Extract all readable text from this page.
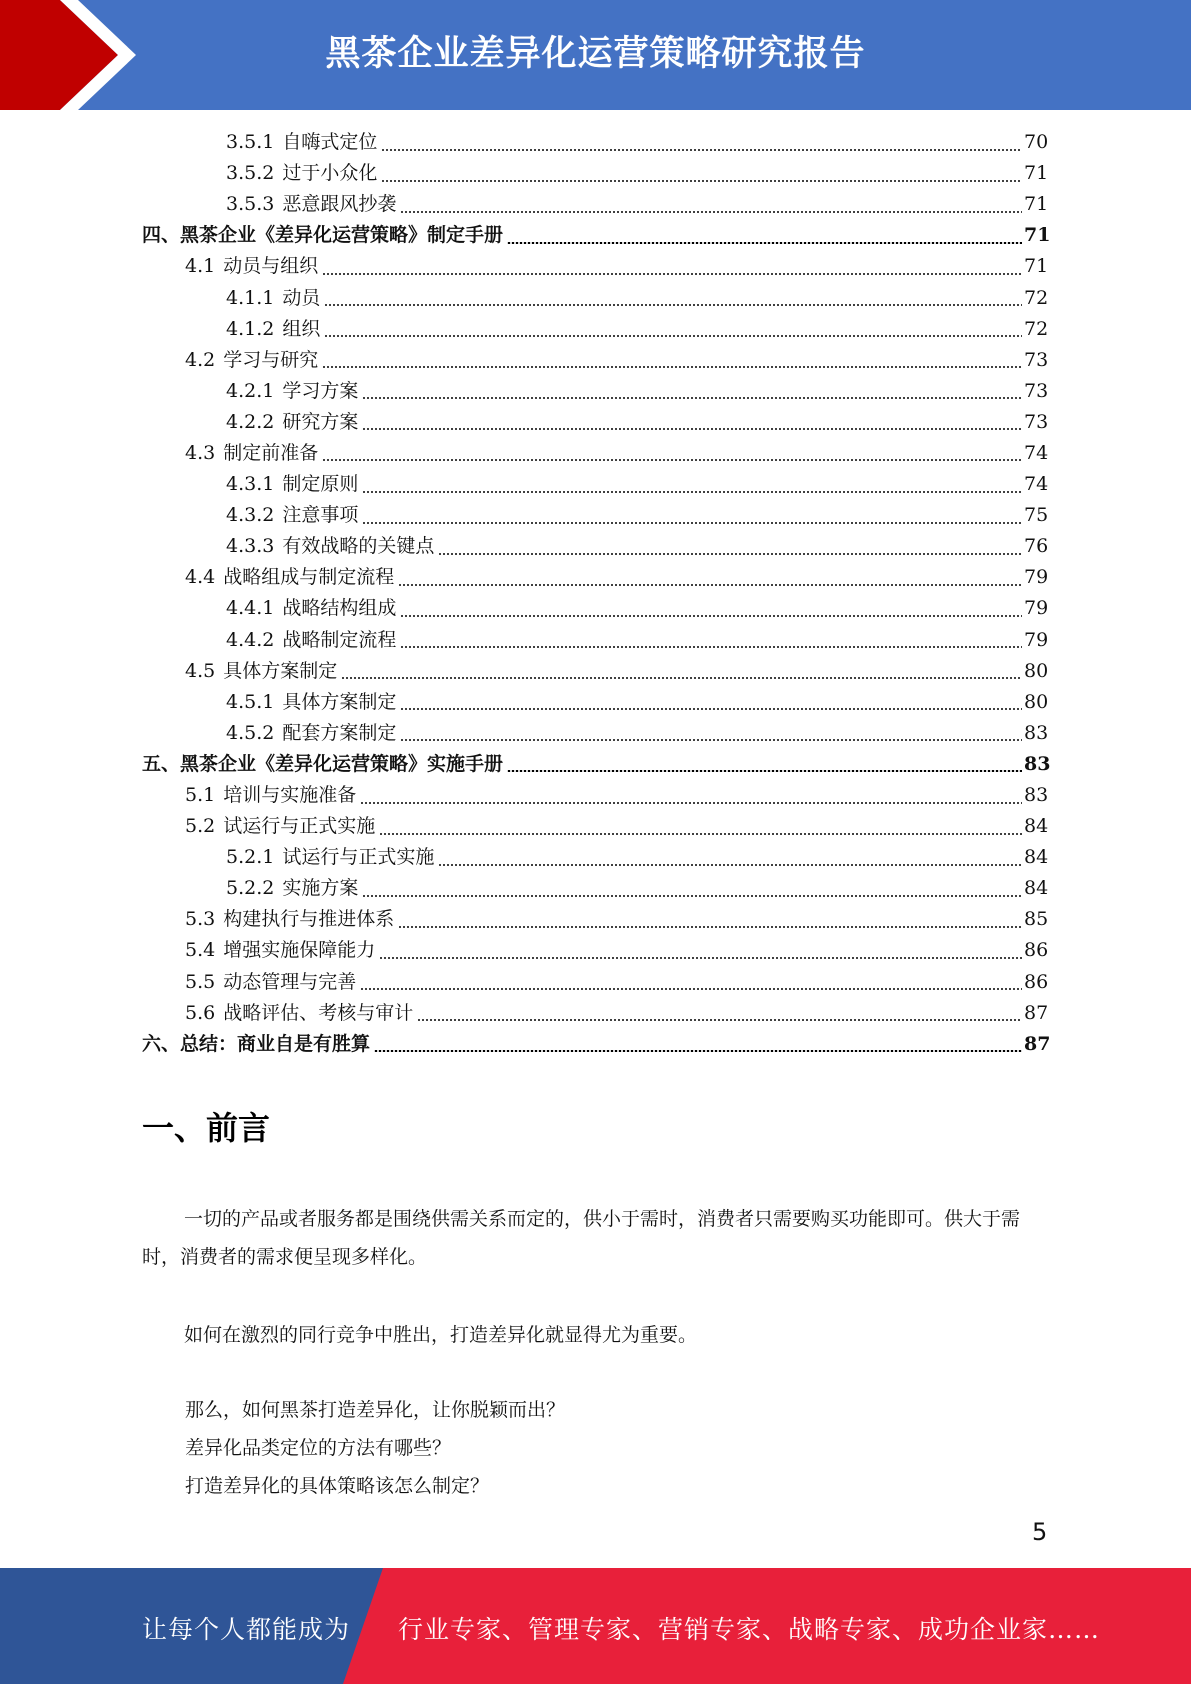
黑茶企业差异化运营策略研究报告
3.5.1 自嗨式定位	70
3.5.2 过于小众化	71
3.5.3 恶意跟风抄袭	71
四、黑茶企业《差异化运营策略》制定手册	71
4.1 动员与组织	71
4.1.1 动员	72
4.1.2 组织	72
4.2 学习与研究	73
4.2.1 学习方案	73
4.2.2 研究方案	73
4.3 制定前准备	74
4.3.1 制定原则	74
4.3.2 注意事项	75
4.3.3 有效战略的关键点	76
4.4 战略组成与制定流程	79
4.4.1 战略结构组成	79
4.4.2 战略制定流程	79
4.5 具体方案制定	80
4.5.1 具体方案制定	80
4.5.2 配套方案制定	83
五、黑茶企业《差异化运营策略》实施手册	83
5.1 培训与实施准备	83
5.2 试运行与正式实施	84
5.2.1 试运行与正式实施	84
5.2.2 实施方案	84
5.3 构建执行与推进体系	85
5.4 增强实施保障能力	86
5.5 动态管理与完善	86
5.6 战略评估、考核与审计	87
六、总结：商业自是有胜算	87
一、前言

一切的产品或者服务都是围绕供需关系而定的，供小于需时，消费者只需要购买功能即可。供大于需时，消费者的需求便呈现多样化。

如何在激烈的同行竞争中胜出，打造差异化就显得尤为重要。

那么，如何黑茶打造差异化，让你脱颖而出？
差异化品类定位的方法有哪些？
打造差异化的具体策略该怎么制定？
5
让每个人都能成为 行业专家、管理专家、营销专家、战略专家、成功企业家……
